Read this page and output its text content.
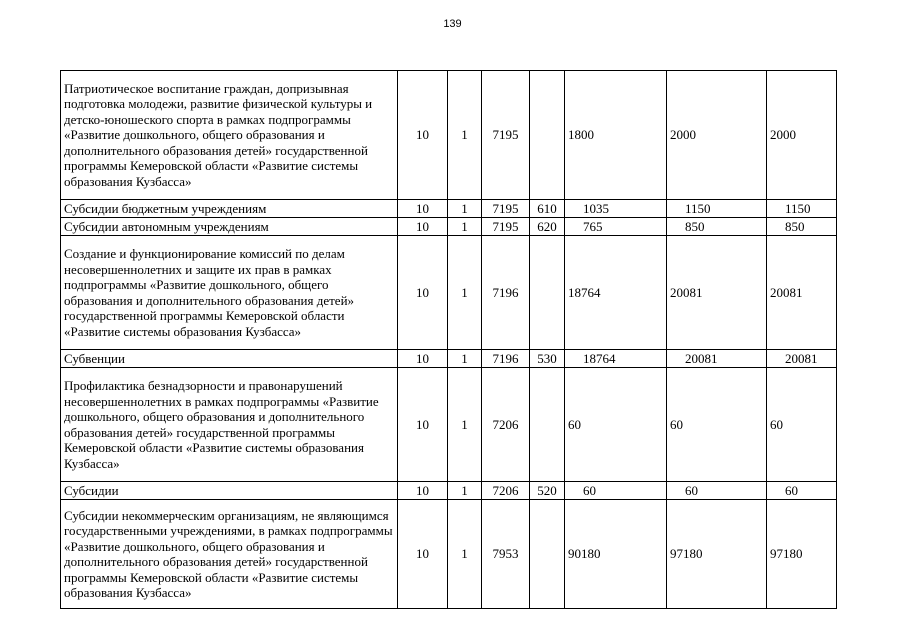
139
Патриотическое воспитание граждан, допризывная подготовка молодежи, развитие физической культуры и детско-юношеского спорта в рамках подпрограммы «Развитие дошкольного, общего образования и дополнительного образования детей» государственной программы Кемеровской области «Развитие системы образования Кузбасса»	10	1	7195		1800	2000	2000
Субсидии бюджетным учреждениям	10	1	7195	610	1035	1150	1150
Субсидии автономным учреждениям	10	1	7195	620	765	850	850
Создание и функционирование комиссий по делам несовершеннолетних и защите их прав в рамках подпрограммы «Развитие дошкольного, общего образования и дополнительного образования детей» государственной программы Кемеровской области «Развитие системы образования Кузбасса»	10	1	7196		18764	20081	20081
Субвенции	10	1	7196	530	18764	20081	20081
Профилактика безнадзорности и правонарушений несовершеннолетних в рамках подпрограммы «Развитие дошкольного, общего образования и дополнительного образования детей» государственной программы Кемеровской области «Развитие системы образования Кузбасса»	10	1	7206		60	60	60
Субсидии	10	1	7206	520	60	60	60
Субсидии некоммерческим организациям, не являющимся государственными учреждениями, в рамках подпрограммы «Развитие дошкольного, общего образования и дополнительного образования детей» государственной программы Кемеровской области «Развитие системы образования Кузбасса»	10	1	7953		90180	97180	97180
